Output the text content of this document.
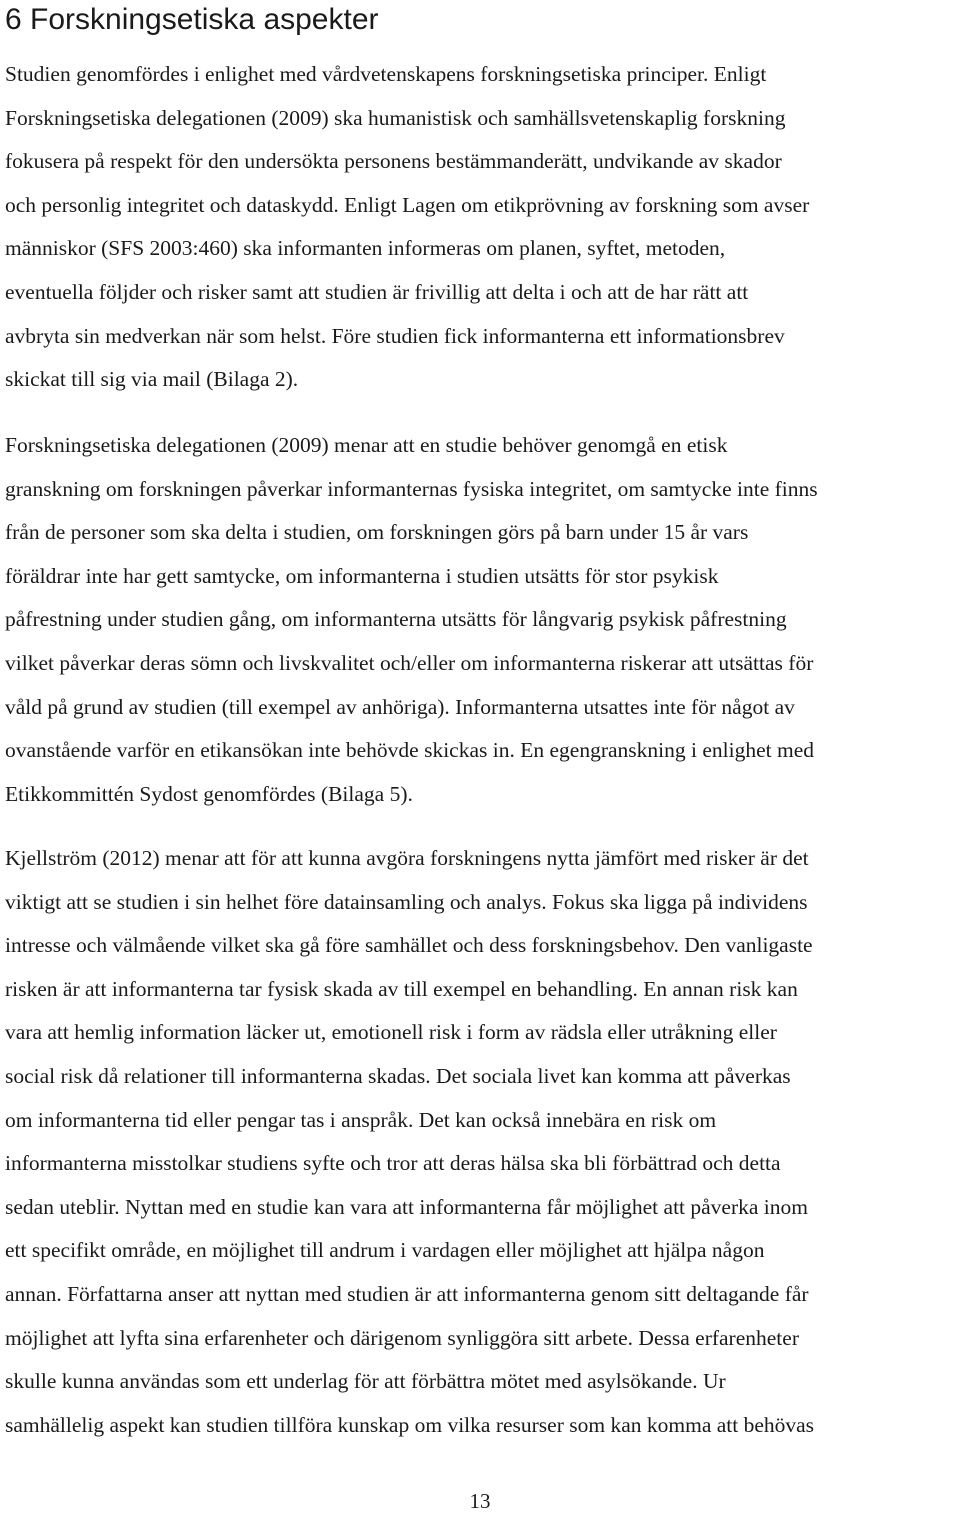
6 Forskningsetiska aspekter

Studien genomfördes i enlighet med vårdvetenskapens forskningsetiska principer. Enligt
Forskningsetiska delegationen (2009) ska humanistisk och samhällsvetenskaplig forskning
fokusera på respekt för den undersökta personens bestämmanderätt, undvikande av skador
och personlig integritet och dataskydd. Enligt Lagen om etikprövning av forskning som avser
människor (SFS 2003:460) ska informanten informeras om planen, syftet, metoden,
eventuella följder och risker samt att studien är frivillig att delta i och att de har rätt att
avbryta sin medverkan när som helst. Före studien fick informanterna ett informationsbrev
skickat till sig via mail (Bilaga 2).

Forskningsetiska delegationen (2009) menar att en studie behöver genomgå en etisk
granskning om forskningen påverkar informanternas fysiska integritet, om samtycke inte finns
från de personer som ska delta i studien, om forskningen görs på barn under 15 år vars
föräldrar inte har gett samtycke, om informanterna i studien utsätts för stor psykisk
påfrestning under studien gång, om informanterna utsätts för långvarig psykisk påfrestning
vilket påverkar deras sömn och livskvalitet och/eller om informanterna riskerar att utsättas för
våld på grund av studien (till exempel av anhöriga). Informanterna utsattes inte för något av
ovanstående varför en etikansökan inte behövde skickas in. En egengranskning i enlighet med
Etikkommittén Sydost genomfördes (Bilaga 5).

Kjellström (2012) menar att för att kunna avgöra forskningens nytta jämfört med risker är det
viktigt att se studien i sin helhet före datainsamling och analys. Fokus ska ligga på individens
intresse och välmående vilket ska gå före samhället och dess forskningsbehov. Den vanligaste
risken är att informanterna tar fysisk skada av till exempel en behandling. En annan risk kan
vara att hemlig information läcker ut, emotionell risk i form av rädsla eller utråkning eller
social risk då relationer till informanterna skadas. Det sociala livet kan komma att påverkas
om informanterna tid eller pengar tas i anspråk. Det kan också innebära en risk om
informanterna misstolkar studiens syfte och tror att deras hälsa ska bli förbättrad och detta
sedan uteblir. Nyttan med en studie kan vara att informanterna får möjlighet att påverka inom
ett specifikt område, en möjlighet till andrum i vardagen eller möjlighet att hjälpa någon
annan. Författarna anser att nyttan med studien är att informanterna genom sitt deltagande får
möjlighet att lyfta sina erfarenheter och därigenom synliggöra sitt arbete. Dessa erfarenheter
skulle kunna användas som ett underlag för att förbättra mötet med asylsökande. Ur
samhällelig aspekt kan studien tillföra kunskap om vilka resurser som kan komma att behövas

13
